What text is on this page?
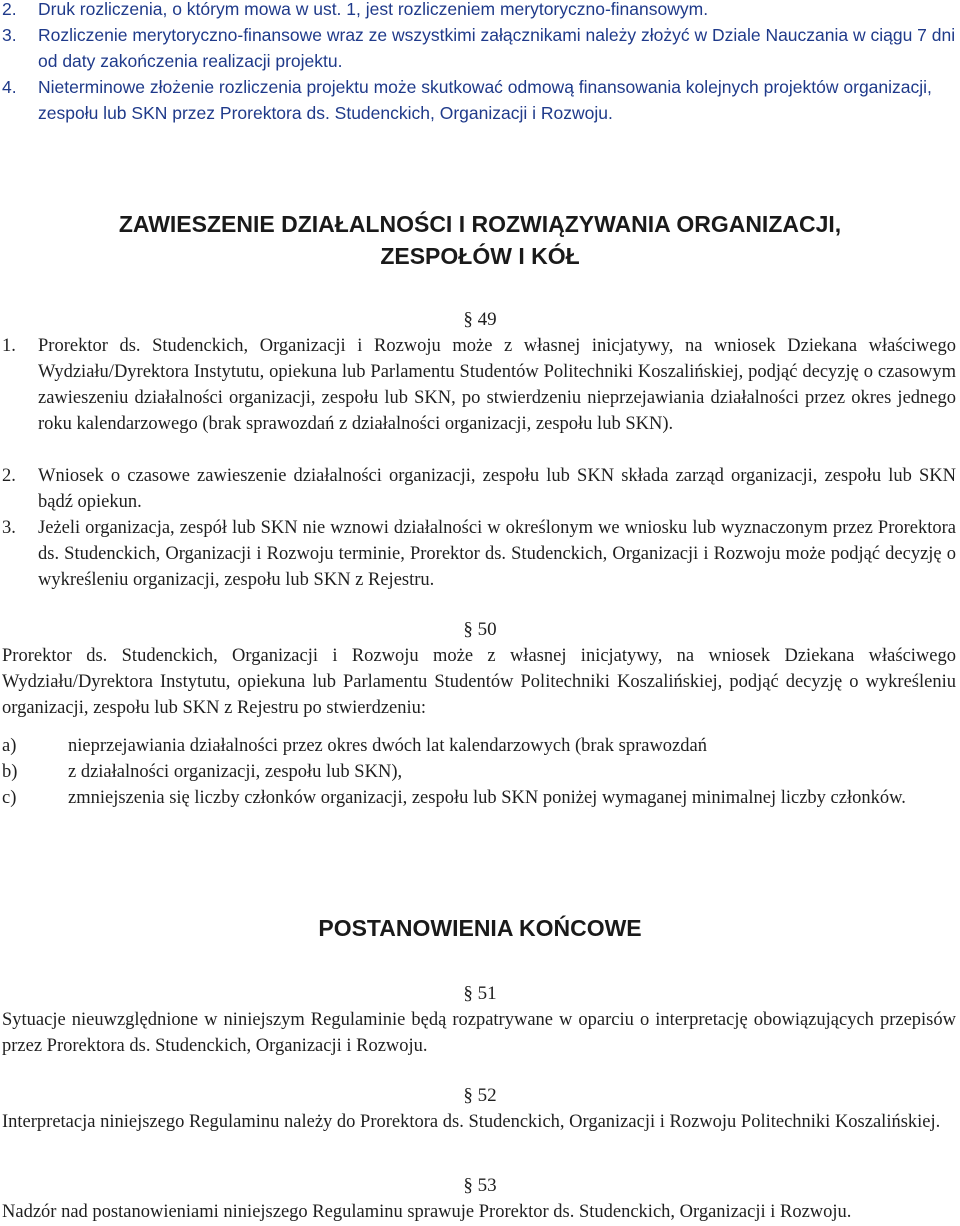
2. Druk rozliczenia, o którym mowa w ust. 1, jest rozliczeniem merytoryczno-finansowym.

3. Rozliczenie merytoryczno-finansowe wraz ze wszystkimi załącznikami należy złożyć w Dziale Nauczania w ciągu 7 dni od daty zakończenia realizacji projektu.

4. Nieterminowe złożenie rozliczenia projektu może skutkować odmową finansowania kolejnych projektów organizacji, zespołu lub SKN przez Prorektora ds. Studenckich, Organizacji i Rozwoju.

ZAWIESZENIE DZIAŁALNOŚCI I ROZWIĄZYWANIA ORGANIZACJI,
ZESPOŁÓW I KÓŁ
§ 49
1. Prorektor ds. Studenckich, Organizacji i Rozwoju może z własnej inicjatywy, na wniosek Dziekana właściwego Wydziału/Dyrektora Instytutu, opiekuna lub Parlamentu Studentów Politechniki Koszalińskiej, podjąć decyzję o czasowym zawieszeniu działalności organizacji, zespołu lub SKN, po stwierdzeniu nieprzejawiania działalności przez okres jednego roku kalendarzowego (brak sprawozdań z działalności organizacji, zespołu lub SKN).

2. Wniosek o czasowe zawieszenie działalności organizacji, zespołu lub SKN składa zarząd organizacji, zespołu lub SKN bądź opiekun.

3. Jeżeli organizacja, zespół lub SKN nie wznowi działalności w określonym we wniosku lub wyznaczonym przez Prorektora ds. Studenckich, Organizacji i Rozwoju terminie, Prorektor ds. Studenckich, Organizacji i Rozwoju może podjąć decyzję o wykreśleniu organizacji, zespołu lub SKN z Rejestru.

§ 50

Prorektor ds. Studenckich, Organizacji i Rozwoju może z własnej inicjatywy, na wniosek Dziekana właściwego Wydziału/Dyrektora Instytutu, opiekuna lub Parlamentu Studentów Politechniki Koszalińskiej, podjąć decyzję o wykreśleniu organizacji, zespołu lub SKN z Rejestru po stwierdzeniu:

a)	nieprzejawiania działalności przez okres dwóch lat kalendarzowych (brak sprawozdań

b)	z działalności organizacji, zespołu lub SKN),

c)	zmniejszenia się liczby członków organizacji, zespołu lub SKN poniżej wymaganej minimalnej liczby członków.

POSTANOWIENIA KOŃCOWE
§ 51

Sytuacje nieuwzględnione w niniejszym Regulaminie będą rozpatrywane w oparciu o interpretację obowiązujących przepisów przez Prorektora ds. Studenckich, Organizacji i Rozwoju.

§ 52

Interpretacja niniejszego Regulaminu należy do Prorektora ds. Studenckich, Organizacji i Rozwoju Politechniki Koszalińskiej.

§ 53

Nadzór nad postanowieniami niniejszego Regulaminu sprawuje Prorektor ds. Studenckich, Organizacji i Rozwoju.
